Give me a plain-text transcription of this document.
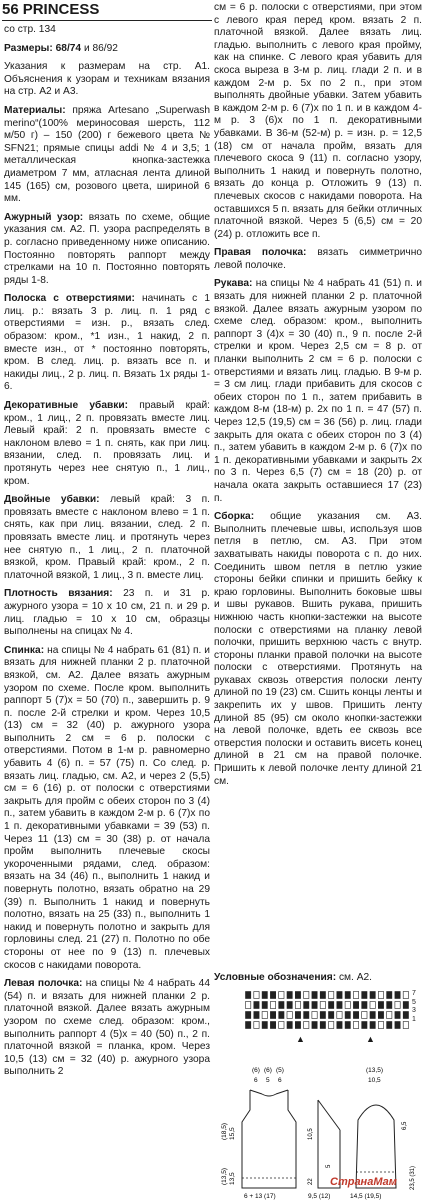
56 PRINCESS
со стр. 134
Размеры: 68/74 и 86/92
Указания к размерам на стр. А1. Объяснения к узорам и техникам вязания на стр. А2 и А3.
Материалы: пряжа Artesano „Superwash merino“(100% мериносовая шерсть, 112 м/50 г) – 150 (200) г бежевого цвета № SFN21; прямые спицы addi № 4 и 3,5; 1 металлическая кнопка-застежка диаметром 7 мм, атласная лента длиной 145 (165) см, розового цвета, шириной 6 мм.
Ажурный узор: вязать по схеме, общие указания см. А2. П. узора распределять в р. согласно приведенному ниже описанию. Постоянно повторять раппорт между стрелками на 10 п. Постоянно повторять ряды 1-8.
Полоска с отверстиями: начинать с 1 лиц. р.: вязать 3 р. лиц. п. 1 ряд с отверстиями = изн. р., вязать след. образом: кром., *1 изн., 1 накид, 2 п. вместе изн., от * постоянно повторять, кром. В след. лиц. р. вязать все п. и накиды лиц., 2 р. лиц. п. Вязать 1х ряды 1-6.
Декоративные убавки: правый край: кром., 1 лиц., 2 п. провязать вместе лиц. Левый край: 2 п. провязать вместе с наклоном влево = 1 п. снять, как при лиц. вязании, след. п. провязать лиц. и протянуть через нее снятую п., 1 лиц., кром.
Двойные убавки: левый край: 3 п. провязать вместе с наклоном влево = 1 п. снять, как при лиц. вязании, след. 2 п. провязать вместе лиц. и протянуть через нее снятую п., 1 лиц., 2 п. платочной вязкой, кром. Правый край: кром., 2 п. платочной вязкой, 1 лиц., 3 п. вместе лиц.
Плотность вязания: 23 п. и 31 р. ажурного узора = 10 х 10 см, 21 п. и 29 р. лиц. гладью = 10 х 10 см, образцы выполнены на спицах № 4.
Спинка: на спицы № 4 набрать 61 (81) п. и вязать для нижней планки 2 р. платочной вязкой, см. А2. Далее вязать ажурным узором по схеме. После кром. выполнить раппорт 5 (7)х = 50 (70) п., завершить р. 9 п. после 2-й стрелки и кром. Через 10,5 (13) см = 32 (40) р. ажурного узора выполнить 2 см = 6 р. полоски с отверстиями. Потом в 1-м р. равномерно убавить 4 (6) п. = 57 (75) п. Со след. р. вязать лиц. гладью, см. А2, и через 2 (5,5) см = 6 (16) р. от полоски с отверстиями закрыть для пройм с обеих сторон по 3 (4) п., затем убавить в каждом 2-м р. 6 (7)х по 1 п. декоративными убавками = 39 (53) п. Через 11 (13) см = 30 (38) р. от начала пройм выполнить плечевые скосы укороченными рядами, след. образом: вязать на 34 (46) п., выполнить 1 накид и повернуть полотно, вязать обратно на 29 (39) п. Выполнить 1 накид и повернуть полотно, вязать на 25 (33) п., выполнить 1 накид и повернуть полотно и закрыть для горловины след. 21 (27) п. Полотно по обе стороны от нее по 9 (13) п. плечевых скосов с накидами поворота.
Левая полочка: на спицы № 4 набрать 44 (54) п. и вязать для нижней планки 2 р. платочной вязкой. Далее вязать ажурным узором по схеме след. образом: кром., выполнить раппорт 4 (5)х = 40 (50) п., 2 п. платочной вязкой = планка, кром. Через 10,5 (13) см = 32 (40) р. ажурного узора выполнить 2
см = 6 р. полоски с отверстиями, при этом с левого края перед кром. вязать 2 п. платочной вязкой. Далее вязать лиц. гладью. выполнить с левого края пройму, как на спинке. С левого края убавить для скоса выреза в 3-м р. лиц. глади 2 п. и в каждом 2-м р. 5х по 2 п., при этом выполнять двойные убавки. Затем убавить в каждом 2-м р. 6 (7)х по 1 п. и в каждом 4-м р. 3 (6)х по 1 п. декоративными убавками. В 36-м (52-м) р. = изн. р. = 12,5 (18) см от начала пройм, вязать для плечевого скоса 9 (11) п. согласно узору, выполнить 1 накид и повернуть полотно, вязать до конца р. Отложить 9 (13) п. плечевых скосов с накидами поворота. На оставшихся 5 п. вязать для бейки отличных платочной вязкой. Через 5 (6,5) см = 20 (24) р. отложить все п.
Правая полочка: вязать симметрично левой полочке.
Рукава: на спицы № 4 набрать 41 (51) п. и вязать для нижней планки 2 р. платочной вязкой. Далее вязать ажурным узором по схеме след. образом: кром., выполнить раппорт 3 (4)х = 30 (40) п., 9 п. после 2-й стрелки и кром. Через 2,5 см = 8 р. от планки выполнить 2 см = 6 р. полоски с отверстиями и вязать лиц. гладью. В 9-м р. = 3 см лиц. глади прибавить для скосов с обеих сторон по 1 п., затем прибавить в каждом 8-м (18-м) р. 2х по 1 п. = 47 (57) п. Через 12,5 (19,5) см = 36 (56) р. лиц. глади закрыть для оката с обеих сторон по 3 (4) п., затем убавить в каждом 2-м р. 6 (7)х по 1 п. декоративными убавками и закрыть 2х по 3 п. Через 6,5 (7) см = 18 (20) р. от начала оката закрыть оставшиеся 17 (23) п.
Сборка: общие указания см. А3. Выполнить плечевые швы, используя шов петля в петлю, см. А3. При этом захватывать накиды поворота с п. до них. Соединить швом петля в петлю узкие стороны бейки спинки и пришить бейку к краю горловины. Выполнить боковые швы и швы рукавов. Вшить рукава, пришить нижнюю часть кнопки-застежки на высоте полоски с отверстиями на планку левой полочки, пришить верхнюю часть с внутр. стороны планки правой полочки на высоте полоски с отверстиями. Протянуть на рукавах сквозь отверстия полоски ленту длиной по 19 (23) см. Сшить концы ленты и закрепить их у швов. Пришить ленту длиной 85 (95) см около кнопки-застежки на левой полочке, вдеть ее сквозь все отверстия полоски и оставить висеть конец длиной в 21 см на правой полочке. Пришить к левой полочке ленту длиной 21 см.
Условные обозначения: см. А2.
7
5
3
1
▲	▲
(6) (6) (5)
6 5 6
(13,5) 13,5
(18,5) 15,5
6 + 13 (17)
22
10,5
5
9,5 (12)
(13,5)
10,5
6,5
23,5 (31)
14,5 (19,5)
СтранаМам
